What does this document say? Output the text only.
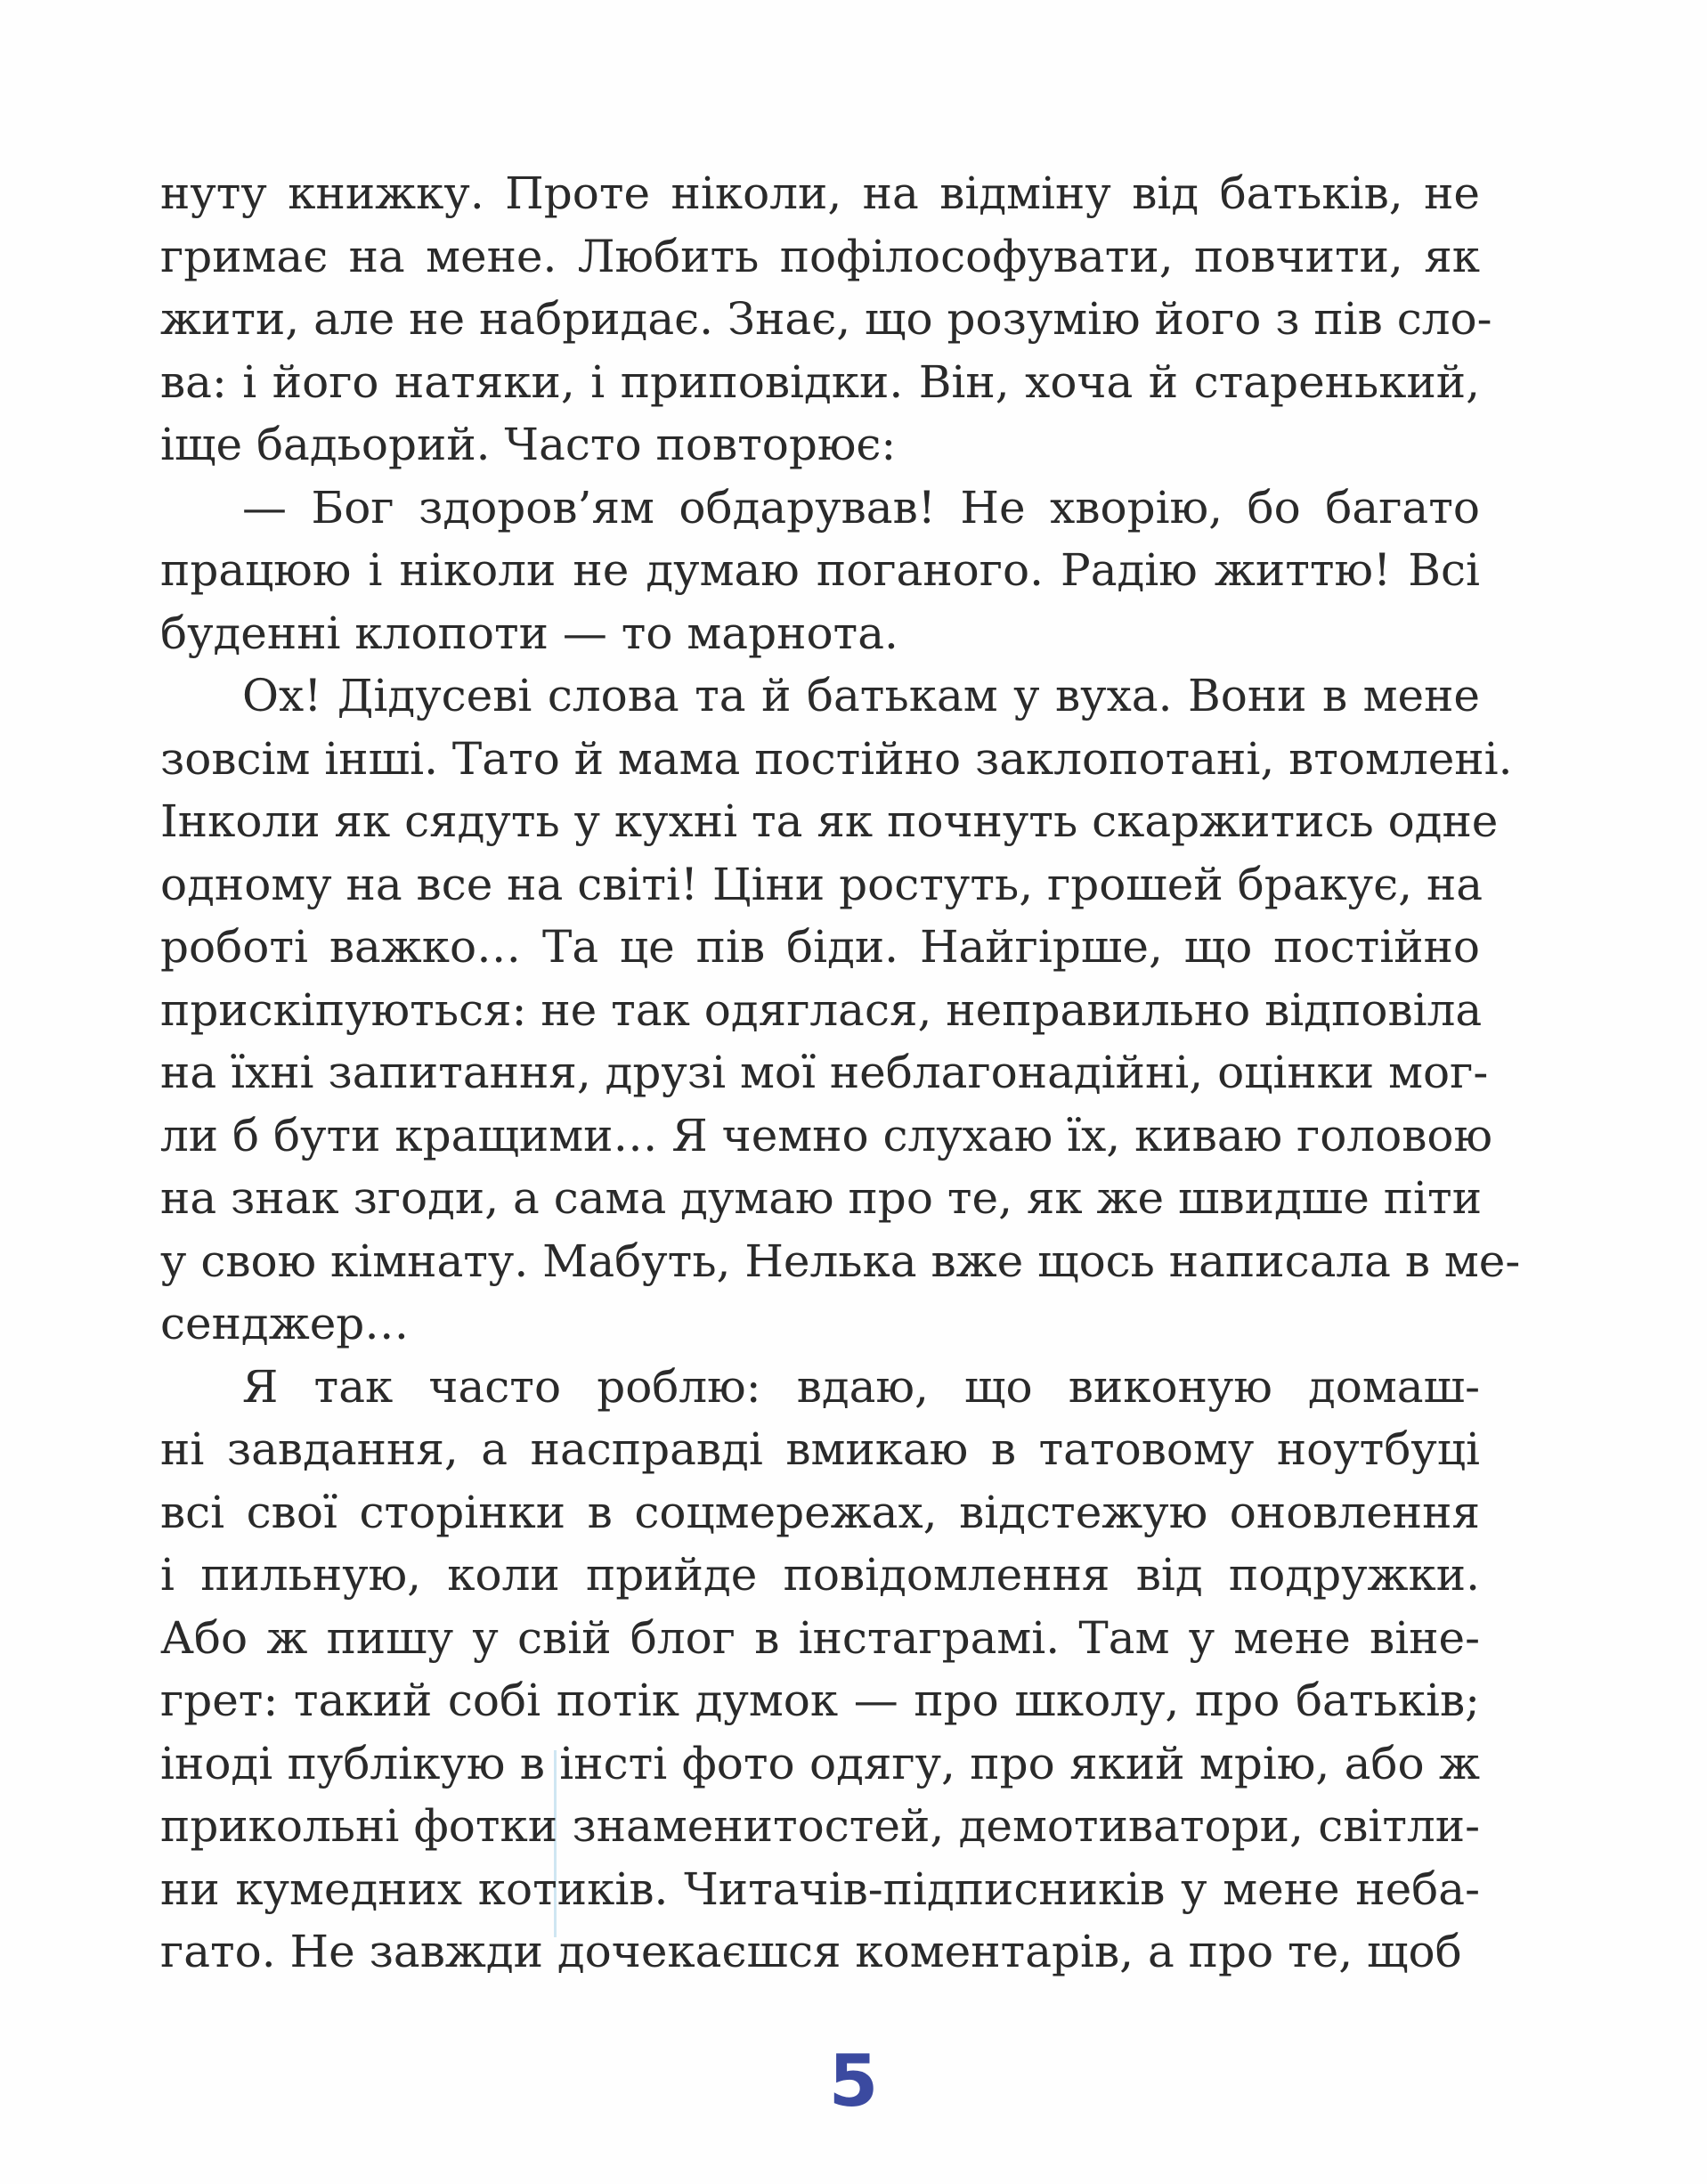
нуту книжку. Проте ніколи, на відміну від батьків, не
гримає на мене. Любить пофілософувати, повчити, як
жити, але не набридає. Знає, що розумію його з пів сло-
ва: і його натяки, і приповідки. Він, хоча й старенький,
іще бадьорий. Часто повторює:
— Бог здоров’ям обдарував! Не хворію, бо багато
працюю і ніколи не думаю поганого. Радію життю! Всі
буденні клопоти — то марнота.
Ох! Дідусеві слова та й батькам у вуха. Вони в мене
зовсім інші. Тато й мама постійно заклопотані, втомлені.
Інколи як сядуть у кухні та як почнуть скаржитись одне
одному на все на світі! Ціни ростуть, грошей бракує, на
роботі важко… Та це пів біди. Найгірше, що постійно
прискіпуються: не так одяглася, неправильно відповіла
на їхні запитання, друзі мої неблагонадійні, оцінки мог-
ли б бути кращими… Я чемно слухаю їх, киваю головою
на знак згоди, а сама думаю про те, як же швидше піти
у свою кімнату. Мабуть, Нелька вже щось написала в ме-
сенджер…
Я так часто роблю: вдаю, що виконую домаш-
ні завдання, а насправді вмикаю в татовому ноутбуці
всі свої сторінки в соцмережах, відстежую оновлення
і пильную, коли прийде повідомлення від подружки.
Або ж пишу у свій блог в інстаграмі. Там у мене віне-
грет: такий собі потік думок — про школу, про батьків;
іноді публікую в інсті фото одягу, про який мрію, або ж
прикольні фотки знаменитостей, демотиватори, світли-
ни кумедних котиків. Читачів-підписників у мене неба-
гато. Не завжди дочекаєшся коментарів, а про те, щоб
5
